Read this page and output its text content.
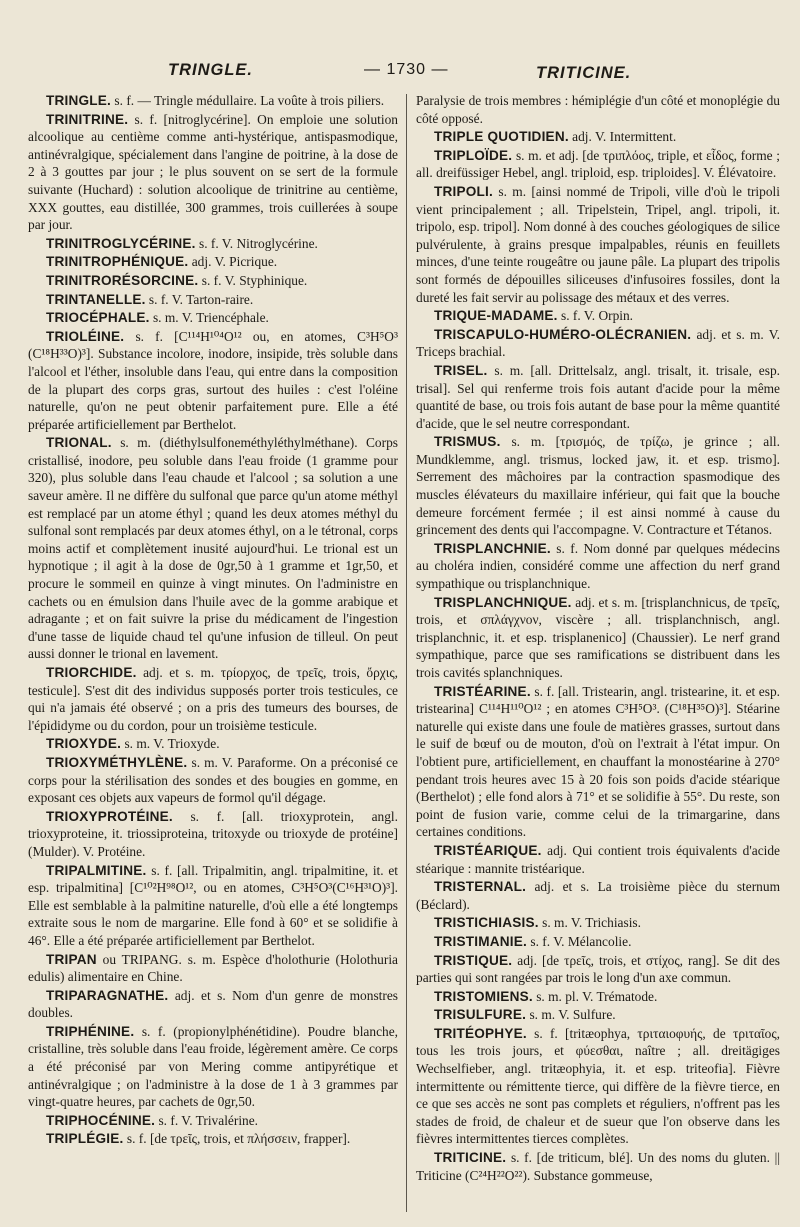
TRINGLE.	— 1730 —	TRITICINE.

TRINGLE. s. f. — Tringle médullaire. La voûte à trois piliers.

TRINITRINE. s. f. [nitroglycérine]. On emploie une solution alcoolique au centième comme anti-hystérique, antispasmodique, antinévralgique, spécialement dans l'angine de poitrine, à la dose de 2 à 3 gouttes par jour ; le plus souvent on se sert de la formule suivante (Huchard) : solution alcoolique de trinitrine au centième, XXX gouttes, eau distillée, 300 grammes, trois cuillerées à soupe par jour.

TRINITROGLYCÉRINE. s. f. V. Nitroglycérine.

TRINITROPHÉNIQUE. adj. V. Picrique.

TRINITRORÉSORCINE. s. f. V. Styphinique.

TRINTANELLE. s. f. V. Tarton-raire.

TRIOCÉPHALE. s. m. V. Triencéphale.

TRIOLÉINE. s. f. [C¹¹⁴H¹⁰⁴O¹² ou, en atomes, C³H⁵O³ (C¹⁸H³³O)³]. Substance incolore, inodore, insipide, très soluble dans l'alcool et l'éther, insoluble dans l'eau, qui entre dans la composition de la plupart des corps gras, surtout des huiles : c'est l'oléine naturelle, qu'on ne peut obtenir parfaitement pure. Elle a été préparée artificiellement par Berthelot.

TRIONAL. s. m. (diéthylsulfoneméthyléthylméthane). Corps cristallisé, inodore, peu soluble dans l'eau froide (1 gramme pour 320), plus soluble dans l'eau chaude et l'alcool ; sa solution a une saveur amère. Il ne diffère du sulfonal que parce qu'un atome méthyl est remplacé par un atome éthyl ; quand les deux atomes méthyl du sulfonal sont remplacés par deux atomes éthyl, on a le tétronal, corps moins actif et complètement inusité aujourd'hui. Le trional est un hypnotique ; il agit à la dose de 0gr,50 à 1 gramme et 1gr,50, et procure le sommeil en quinze à vingt minutes. On l'administre en cachets ou en émulsion dans l'huile avec de la gomme arabique et adragante ; et on fait suivre la prise du médicament de l'ingestion d'une tasse de liquide chaud tel qu'une infusion de tilleul. On peut aussi donner le trional en lavement.

TRIORCHIDE. adj. et s. m. τρίορχος, de τρεῖς, trois, ὄρχις, testicule]. S'est dit des individus supposés porter trois testicules, ce qui n'a jamais été observé ; on a pris des tumeurs des bourses, de l'épididyme ou du cordon, pour un troisième testicule.

TRIOXYDE. s. m. V. Trioxyde.

TRIOXYMÉTHYLÈNE. s. m. V. Paraforme. On a préconisé ce corps pour la stérilisation des sondes et des bougies en gomme, en exposant ces objets aux vapeurs de formol qu'il dégage.

TRIOXYPROTÉINE. s. f. [all. trioxyprotein, angl. trioxyproteine, it. triossiproteina, tritoxyde ou trioxyde de protéine] (Mulder). V. Protéine.

TRIPALMITINE. s. f. [all. Tripalmitin, angl. tripalmitine, it. et esp. tripalmitina] [C¹⁰²H⁹⁸O¹², ou en atomes, C³H⁵O³(C¹⁶H³¹O)³]. Elle est semblable à la palmitine naturelle, d'où elle a été longtemps extraite sous le nom de margarine. Elle fond à 60° et se solidifie à 46°. Elle a été préparée artificiellement par Berthelot.

TRIPAN ou TRIPANG. s. m. Espèce d'holothurie (Holothuria edulis) alimentaire en Chine.

TRIPARAGNATHE. adj. et s. Nom d'un genre de monstres doubles.

TRIPHÉNINE. s. f. (propionylphénétidine). Poudre blanche, cristalline, très soluble dans l'eau froide, légèrement amère. Ce corps a été préconisé par von Mering comme antipyrétique et antinévralgique ; on l'administre à la dose de 1 à 3 grammes par vingt-quatre heures, par cachets de 0gr,50.

TRIPHOCÉNINE. s. f. V. Trivalérine.

TRIPLÉGIE. s. f. [de τρεῖς, trois, et πλήσσειν, frapper].

Paralysie de trois membres : hémiplégie d'un côté et monoplégie du côté opposé.

TRIPLE QUOTIDIEN. adj. V. Intermittent.

TRIPLOÏDE. s. m. et adj. [de τριπλόος, triple, et εἶδος, forme ; all. dreifüssiger Hebel, angl. triploid, esp. triploides]. V. Élévatoire.

TRIPOLI. s. m. [ainsi nommé de Tripoli, ville d'où le tripoli vient principalement ; all. Tripelstein, Tripel, angl. tripoli, it. tripolo, esp. tripol]. Nom donné à des couches géologiques de silice pulvérulente, à grains presque impalpables, réunis en feuillets minces, d'une teinte rougeâtre ou jaune pâle. La plupart des tripolis sont formés de dépouilles siliceuses d'infusoires fossiles, dont la dureté les fait servir au polissage des métaux et des verres.

TRIQUE-MADAME. s. f. V. Orpin.

TRISCAPULO-HUMÉRO-OLÉCRANIEN. adj. et s. m. V. Triceps brachial.

TRISEL. s. m. [all. Drittelsalz, angl. trisalt, it. trisale, esp. trisal]. Sel qui renferme trois fois autant d'acide pour la même quantité de base, ou trois fois autant de base pour la même quantité d'acide, que le sel neutre correspondant.

TRISMUS. s. m. [τρισμός, de τρίζω, je grince ; all. Mundklemme, angl. trismus, locked jaw, it. et esp. trismo]. Serrement des mâchoires par la contraction spasmodique des muscles élévateurs du maxillaire inférieur, qui fait que la bouche demeure forcément fermée ; il est ainsi nommé à cause du grincement des dents qui l'accompagne. V. Contracture et Tétanos.

TRISPLANCHNIE. s. f. Nom donné par quelques médecins au choléra indien, considéré comme une affection du nerf grand sympathique ou trisplanchnique.

TRISPLANCHNIQUE. adj. et s. m. [trisplanchnicus, de τρεῖς, trois, et σπλάγχνον, viscère ; all. trisplanchnisch, angl. trisplanchnic, it. et esp. trisplanenico] (Chaussier). Le nerf grand sympathique, parce que ses ramifications se distribuent dans les trois cavités splanchniques.

TRISTÉARINE. s. f. [all. Tristearin, angl. tristearine, it. et esp. tristearina] C¹¹⁴H¹¹⁰O¹² ; en atomes C³H⁵O³. (C¹⁸H³⁵O)³]. Stéarine naturelle qui existe dans une foule de matières grasses, surtout dans le suif de bœuf ou de mouton, d'où on l'extrait à l'état impur. On l'obtient pure, artificiellement, en chauffant la monostéarine à 270° pendant trois heures avec 15 à 20 fois son poids d'acide stéarique (Berthelot) ; elle fond alors à 71° et se solidifie à 55°. Du reste, son point de fusion varie, comme celui de la trimargarine, dans certaines conditions.

TRISTÉARIQUE. adj. Qui contient trois équivalents d'acide stéarique : mannite tristéarique.

TRISTERNAL. adj. et s. La troisième pièce du sternum (Béclard).

TRISTICHIASIS. s. m. V. Trichiasis.

TRISTIMANIE. s. f. V. Mélancolie.

TRISTIQUE. adj. [de τρεῖς, trois, et στίχος, rang]. Se dit des parties qui sont rangées par trois le long d'un axe commun.

TRISTOMIENS. s. m. pl. V. Trématode.

TRISULFURE. s. m. V. Sulfure.

TRITÉOPHYE. s. f. [tritæophya, τριταιοφυής, de τριταῖος, tous les trois jours, et φύεσθαι, naître ; all. dreitägiges Wechselfieber, angl. tritæophyia, it. et esp. triteofia]. Fièvre intermittente ou rémittente tierce, qui diffère de la fièvre tierce, en ce que ses accès ne sont pas complets et réguliers, n'offrent pas les stades de froid, de chaleur et de sueur que l'on observe dans les fièvres intermittentes tierces complètes.

TRITICINE. s. f. [de triticum, blé]. Un des noms du gluten. || Triticine (C²⁴H²²O²²). Substance gommeuse,
